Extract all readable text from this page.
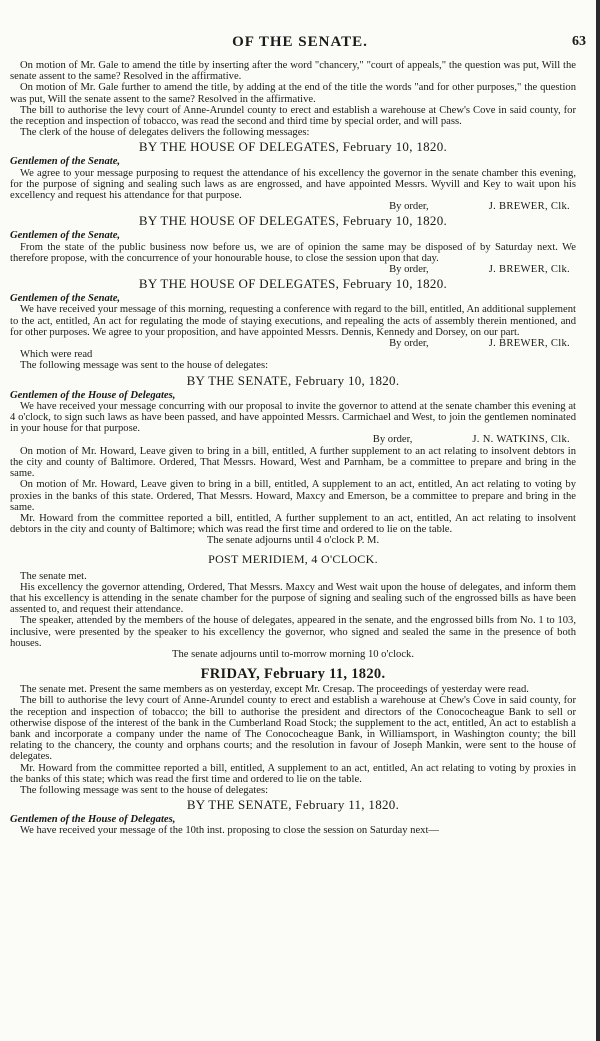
OF THE SENATE.	63

On motion of Mr. Gale to amend the title by inserting after the word "chancery," "court of appeals," the question was put, Will the senate assent to the same? Resolved in the affirmative.

On motion of Mr. Gale further to amend the title, by adding at the end of the title the words "and for other purposes," the question was put, Will the senate assent to the same? Resolved in the affirmative.

The bill to authorise the levy court of Anne-Arundel county to erect and establish a warehouse at Chew's Cove in said county, for the reception and inspection of tobacco, was read the second and third time by special order, and will pass.

The clerk of the house of delegates delivers the following messages:

BY THE HOUSE OF DELEGATES, February 10, 1820.

Gentlemen of the Senate,

We agree to your message purposing to request the attendance of his excellency the governor in the senate chamber this evening, for the purpose of signing and sealing such laws as are engrossed, and have appointed Messrs. Wyvill and Key to wait upon his excellency and request his attendance for that purpose.

By order,	J. BREWER, Clk.

BY THE HOUSE OF DELEGATES, February 10, 1820.

Gentlemen of the Senate,

From the state of the public business now before us, we are of opinion the same may be disposed of by Saturday next. We therefore propose, with the concurrence of your honourable house, to close the session upon that day.

By order,	J. BREWER, Clk.

BY THE HOUSE OF DELEGATES, February 10, 1820.

Gentlemen of the Senate,

We have received your message of this morning, requesting a conference with regard to the bill, entitled, An additional supplement to the act, entitled, An act for regulating the mode of staying executions, and repealing the acts of assembly therein mentioned, and for other purposes. We agree to your proposition, and have appointed Messrs. Dennis, Kennedy and Dorsey, on our part.

By order,	J. BREWER, Clk.

Which were read

The following message was sent to the house of delegates:

BY THE SENATE, February 10, 1820.

Gentlemen of the House of Delegates,

We have received your message concurring with our proposal to invite the governor to attend at the senate chamber this evening at 4 o'clock, to sign such laws as have been passed, and have appointed Messrs. Carmichael and West, to join the gentlemen nominated in your house for that purpose.

By order,	J. N. WATKINS, Clk.

On motion of Mr. Howard, Leave given to bring in a bill, entitled, A further supplement to an act relating to insolvent debtors in the city and county of Baltimore. Ordered, That Messrs. Howard, West and Parnham, be a committee to prepare and bring in the same.

On motion of Mr. Howard, Leave given to bring in a bill, entitled, A supplement to an act, entitled, An act relating to voting by proxies in the banks of this state. Ordered, That Messrs. Howard, Maxcy and Emerson, be a committee to prepare and bring in the same.

Mr. Howard from the committee reported a bill, entitled, A further supplement to an act, entitled, An act relating to insolvent debtors in the city and county of Baltimore; which was read the first time and ordered to lie on the table.

The senate adjourns until 4 o'clock P. M.

POST MERIDIEM, 4 O'CLOCK.

The senate met.

His excellency the governor attending, Ordered, That Messrs. Maxcy and West wait upon the house of delegates, and inform them that his excellency is attending in the senate chamber for the purpose of signing and sealing such of the engrossed bills as have been assented to, and request their attendance.

The speaker, attended by the members of the house of delegates, appeared in the senate, and the engrossed bills from No. 1 to 103, inclusive, were presented by the speaker to his excellency the governor, who signed and sealed the same in the presence of both houses.

The senate adjourns until to-morrow morning 10 o'clock.

FRIDAY, February 11, 1820.

The senate met. Present the same members as on yesterday, except Mr. Cresap. The proceedings of yesterday were read.

The bill to authorise the levy court of Anne-Arundel county to erect and establish a warehouse at Chew's Cove in said county, for the reception and inspection of tobacco; the bill to authorise the president and directors of the Conococheague Bank to sell or otherwise dispose of the interest of the bank in the Cumberland Road Stock; the supplement to the act, entitled, An act to establish a bank and incorporate a company under the name of The Conococheague Bank, in Williamsport, in Washington county; the bill relating to the chancery, the county and orphans courts; and the resolution in favour of Joseph Mankin, were sent to the house of delegates.

Mr. Howard from the committee reported a bill, entitled, A supplement to an act, entitled, An act relating to voting by proxies in the banks of this state; which was read the first time and ordered to lie on the table.

The following message was sent to the house of delegates:

BY THE SENATE, February 11, 1820.

Gentlemen of the House of Delegates,

We have received your message of the 10th inst. proposing to close the session on Saturday next—
